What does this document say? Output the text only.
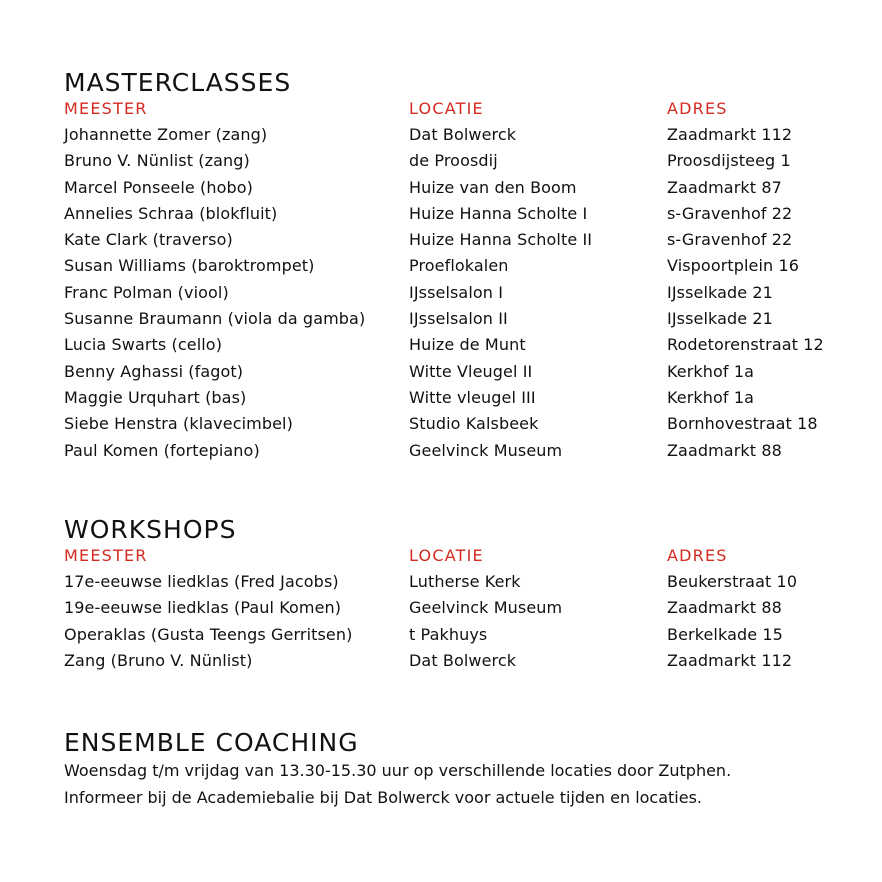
MASTERCLASSES
MEESTER	LOCATIE	ADRES
Johannette Zomer (zang)	Dat Bolwerck	Zaadmarkt 112
Bruno V. Nünlist (zang)	de Proosdij	Proosdijsteeg 1
Marcel Ponseele (hobo)	Huize van den Boom	Zaadmarkt 87
Annelies Schraa (blokfluit)	Huize Hanna Scholte I	s-Gravenhof 22
Kate Clark (traverso)	Huize Hanna Scholte II	s-Gravenhof 22
Susan Williams (baroktrompet)	Proeflokalen	Vispoortplein 16
Franc Polman (viool)	IJsselsalon I	IJsselkade 21
Susanne Braumann (viola da gamba)	IJsselsalon II	IJsselkade 21
Lucia Swarts (cello)	Huize de Munt	Rodetorenstraat 12
Benny Aghassi (fagot)	Witte Vleugel II	Kerkhof 1a
Maggie Urquhart (bas)	Witte vleugel III	Kerkhof 1a
Siebe Henstra (klavecimbel)	Studio Kalsbeek	Bornhovestraat 18
Paul Komen (fortepiano)	Geelvinck Museum	Zaadmarkt 88
WORKSHOPS
MEESTER	LOCATIE	ADRES
17e-eeuwse liedklas (Fred Jacobs)	Lutherse Kerk	Beukerstraat 10
19e-eeuwse liedklas (Paul Komen)	Geelvinck Museum	Zaadmarkt 88
Operaklas (Gusta Teengs Gerritsen)	t Pakhuys	Berkelkade 15
Zang (Bruno V. Nünlist)	Dat Bolwerck	Zaadmarkt 112
ENSEMBLE COACHING

Woensdag t/m vrijdag van 13.30-15.30 uur op verschillende locaties door Zutphen.

Informeer bij de Academiebalie bij Dat Bolwerck voor actuele tijden en locaties.
